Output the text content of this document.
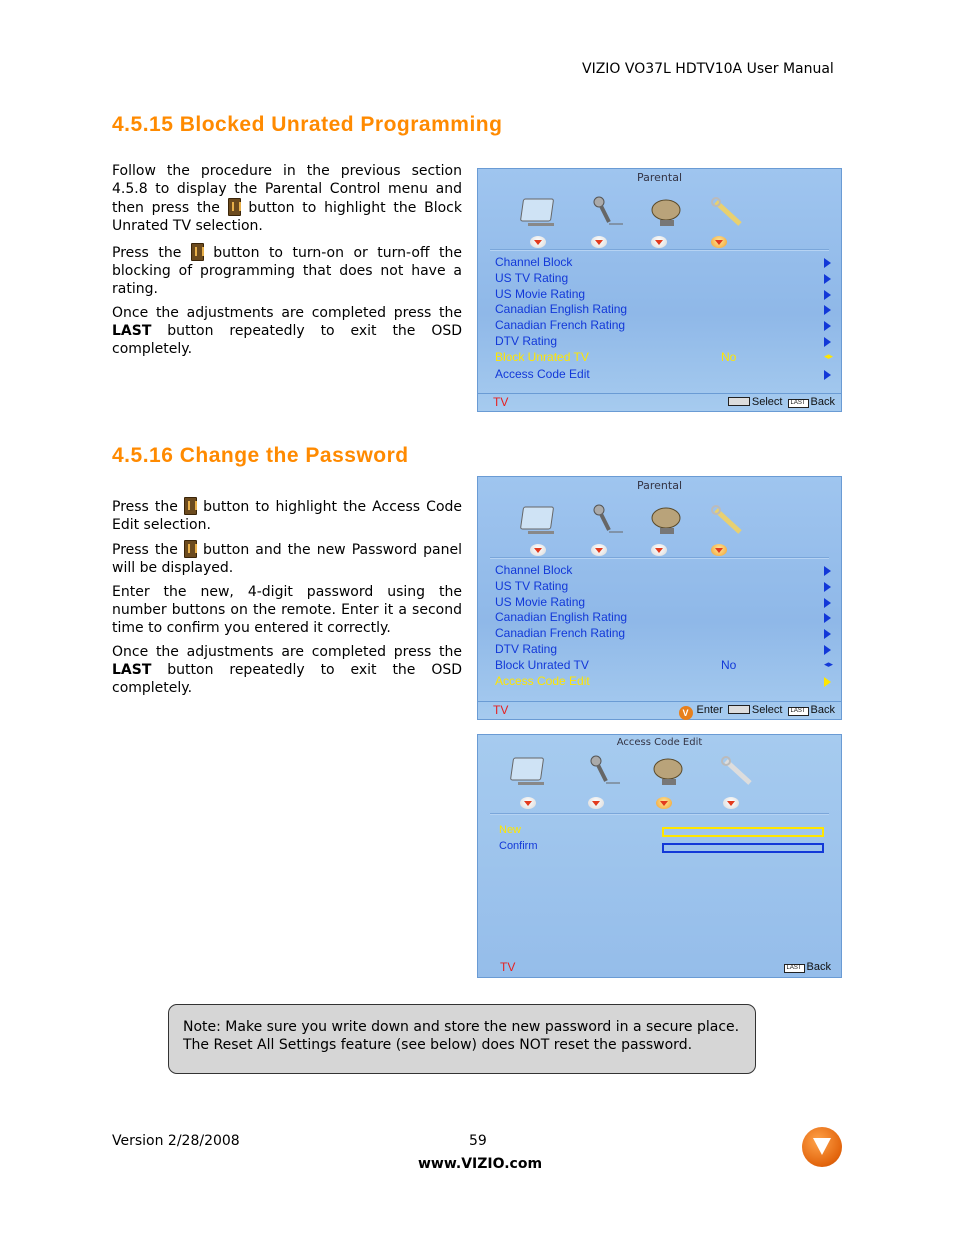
VIZIO VO37L HDTV10A User Manual
4.5.15 Blocked Unrated Programming

Follow the procedure in the previous section 4.5.8 to display the Parental Control menu and then press the button to highlight the Block Unrated TV selection.

Press the button to turn-on or turn-off the blocking of programming that does not have a rating.

Once the adjustments are completed press the LAST button repeatedly to exit the OSD completely.

Parental
Channel Block
US TV Rating
US Movie Rating
Canadian English Rating
Canadian French Rating
DTV Rating
Block Unrated TV	No	◂▸
Access Code Edit
TV	Select LAST Back
4.5.16 Change the Password

Press the button to highlight the Access Code Edit selection.

Press the button and the new Password panel will be displayed.

Enter the new, 4-digit password using the number buttons on the remote. Enter it a second time to confirm you entered it correctly.

Once the adjustments are completed press the LAST button repeatedly to exit the OSD completely.

Parental
Channel Block
US TV Rating
US Movie Rating
Canadian English Rating
Canadian French Rating
DTV Rating
Block Unrated TV	No	◂▸
Access Code Edit
TV	V Enter	Select LAST Back
Access Code Edit
New
Confirm
TV	LAST Back
Note: Make sure you write down and store the new password in a secure place.
The Reset All Settings feature (see below) does NOT reset the password.
Version 2/28/2008	59
www.VIZIO.com
